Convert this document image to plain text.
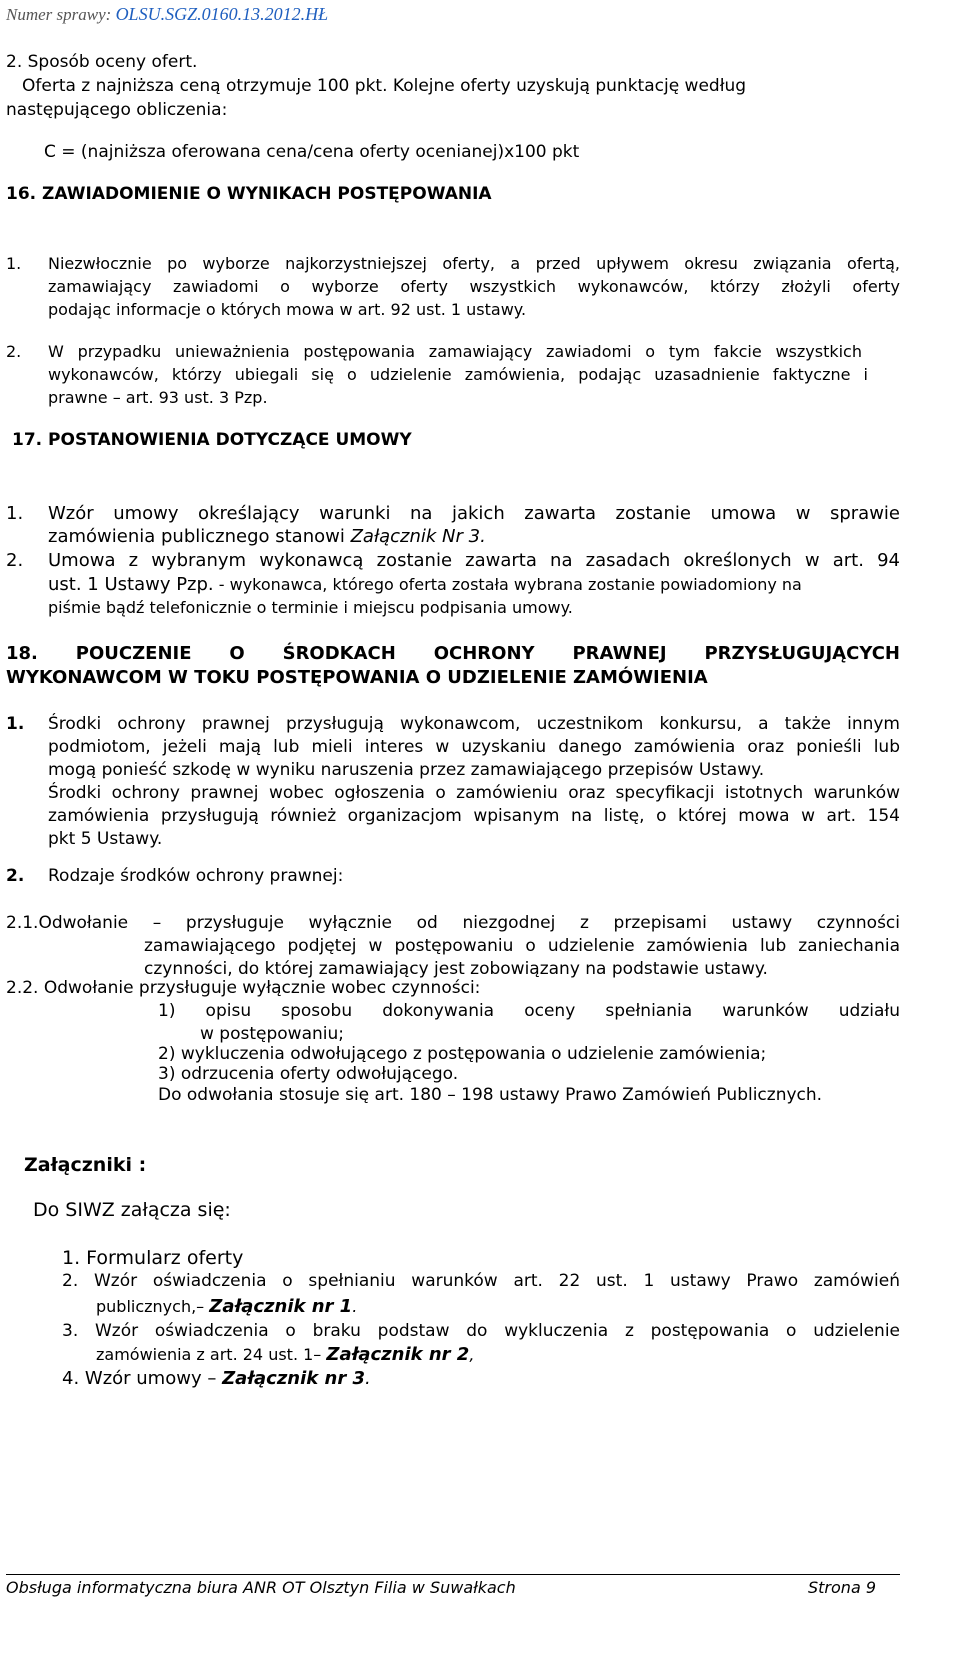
Numer sprawy: OLSU.SGZ.0160.13.2012.HŁ
2. Sposób oceny ofert.
Oferta z najniższa ceną otrzymuje 100 pkt. Kolejne oferty uzyskują punktację według
następującego obliczenia:
C = (najniższa oferowana cena/cena oferty ocenianej)x100 pkt
16. ZAWIADOMIENIE O WYNIKACH POSTĘPOWANIA
1. Niezwłocznie po wyborze najkorzystniejszej oferty, a przed upływem okresu związania ofertą,
zamawiający zawiadomi o wyborze oferty wszystkich wykonawców, którzy złożyli oferty
podając informacje o których mowa w art. 92 ust. 1 ustawy.
2. W przypadku unieważnienia postępowania zamawiający zawiadomi o tym fakcie wszystkich
wykonawców, którzy ubiegali się o udzielenie zamówienia, podając uzasadnienie faktyczne i
prawne – art. 93 ust. 3 Pzp.
17. POSTANOWIENIA DOTYCZĄCE UMOWY
1. Wzór umowy określający warunki na jakich zawarta zostanie umowa w sprawie
zamówienia publicznego stanowi Załącznik Nr 3.
2. Umowa z wybranym wykonawcą zostanie zawarta na zasadach określonych w art. 94
ust. 1 Ustawy Pzp. - wykonawca, którego oferta została wybrana zostanie powiadomiony na
piśmie bądź telefonicznie o terminie i miejscu podpisania umowy.
18. POUCZENIE O ŚRODKACH OCHRONY PRAWNEJ PRZYSŁUGUJĄCYCH
WYKONAWCOM W TOKU POSTĘPOWANIA O UDZIELENIE ZAMÓWIENIA
1. Środki ochrony prawnej przysługują wykonawcom, uczestnikom konkursu, a także innym
podmiotom, jeżeli mają lub mieli interes w uzyskaniu danego zamówienia oraz ponieśli lub
mogą ponieść szkodę w wyniku naruszenia przez zamawiającego przepisów Ustawy.
Środki ochrony prawnej wobec ogłoszenia o zamówieniu oraz specyfikacji istotnych warunków
zamówienia przysługują również organizacjom wpisanym na listę, o której mowa w art. 154
pkt 5 Ustawy.
2. Rodzaje środków ochrony prawnej:
2.1.Odwołanie – przysługuje wyłącznie od niezgodnej z przepisami ustawy czynności
zamawiającego podjętej w postępowaniu o udzielenie zamówienia lub zaniechania
czynności, do której zamawiający jest zobowiązany na podstawie ustawy.
2.2. Odwołanie przysługuje wyłącznie wobec czynności:
1) opisu sposobu dokonywania oceny spełniania warunków udziału
w postępowaniu;
2) wykluczenia odwołującego z postępowania o udzielenie zamówienia;
3) odrzucenia oferty odwołującego.
Do odwołania stosuje się art. 180 – 198 ustawy Prawo Zamówień Publicznych.
Załączniki :
Do SIWZ załącza się:
1. Formularz oferty
2. Wzór oświadczenia o spełnianiu warunków art. 22 ust. 1 ustawy Prawo zamówień
publicznych,– Załącznik nr 1.
3. Wzór oświadczenia o braku podstaw do wykluczenia z postępowania o udzielenie
zamówienia z art. 24 ust. 1– Załącznik nr 2,
4. Wzór umowy – Załącznik nr 3.
Obsługa informatyczna biura ANR OT Olsztyn Filia w Suwałkach	Strona 9
